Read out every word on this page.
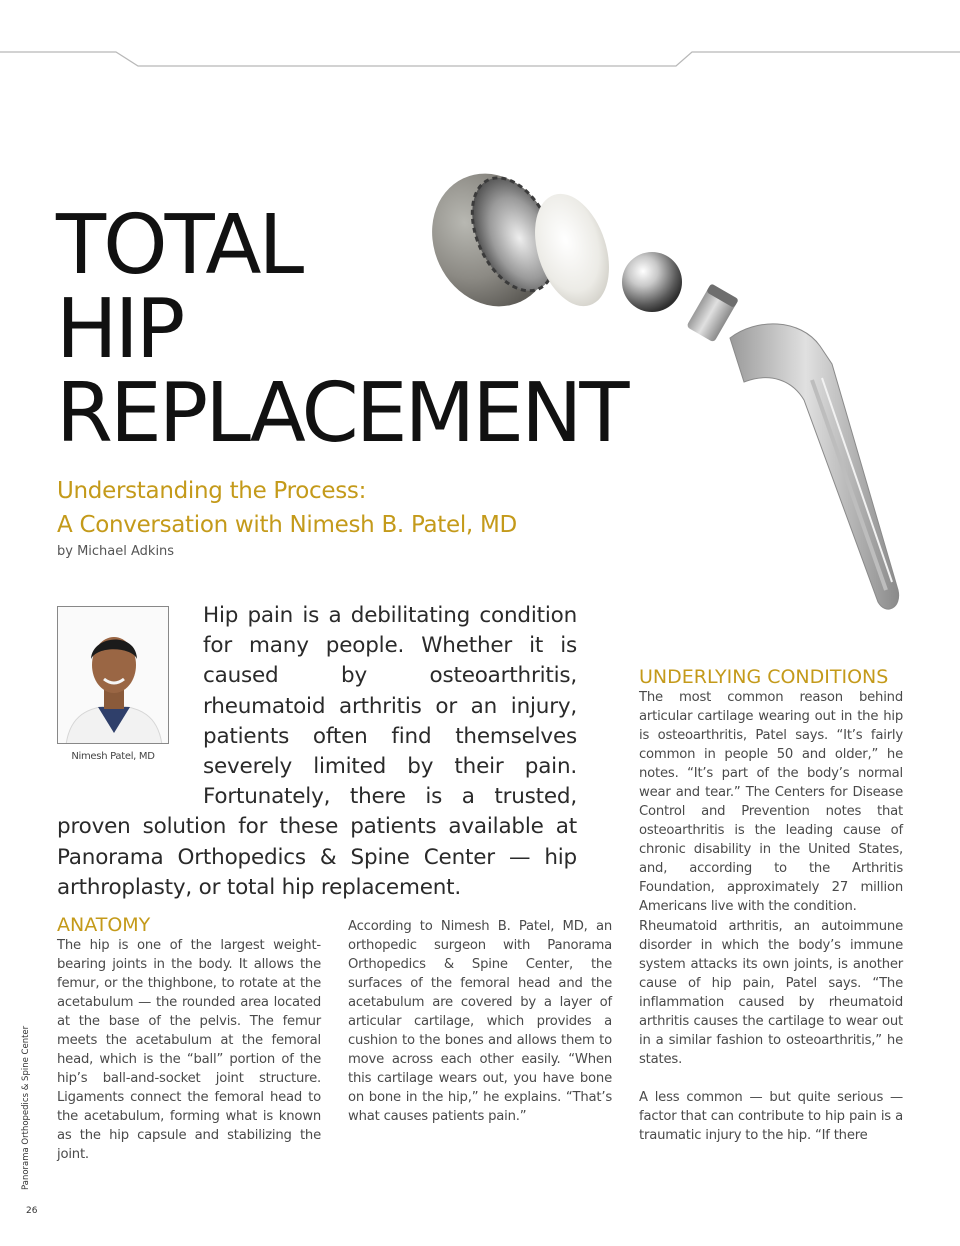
TOTAL
HIP
REPLACEMENT
Understanding the Process:
A Conversation with Nimesh B. Patel, MD
by Michael Adkins
Hip pain is a debilitating condition for many people. Whether it is caused by osteoarthritis, rheumatoid arthritis or an injury, patients often find themselves severely limited by their pain. Fortunately, there is a trusted, proven solution for these patients available at Panorama Orthopedics & Spine Center — hip arthroplasty, or total hip replacement.
Nimesh Patel, MD
UNDERLYING CONDITIONS

The most common reason behind articular cartilage wearing out in the hip is osteoarthritis, Patel says. “It’s fairly common in people 50 and older,” he notes. “It’s part of the body’s normal wear and tear.” The Centers for Disease Control and Prevention notes that osteoarthritis is the leading cause of chronic disability in the United States, and, according to the Arthritis Foundation, approximately 27 million Americans live with the condition.

ANATOMY

The hip is one of the largest weight-bearing joints in the body. It allows the femur, or the thighbone, to rotate at the acetabulum — the rounded area located at the base of the pelvis. The femur meets the acetabulum at the femoral head, which is the “ball” portion of the hip’s ball-and-socket joint structure. Ligaments connect the femoral head to the acetabulum, forming what is known as the hip capsule and stabilizing the joint.

According to Nimesh B. Patel, MD, an orthopedic surgeon with Panorama Orthopedics & Spine Center, the surfaces of the femoral head and the acetabulum are covered by a layer of articular cartilage, which provides a cushion to the bones and allows them to move across each other easily. “When this cartilage wears out, you have bone on bone in the hip,” he explains. “That’s what causes patients pain.”

Rheumatoid arthritis, an autoimmune disorder in which the body’s immune system attacks its own joints, is another cause of hip pain, Patel says. “The inflammation caused by rheumatoid arthritis causes the cartilage to wear out in a similar fashion to osteoarthritis,” he states.

A less common — but quite serious — factor that can contribute to hip pain is a traumatic injury to the hip. “If there

Panorama Orthopedics & Spine Center
26
